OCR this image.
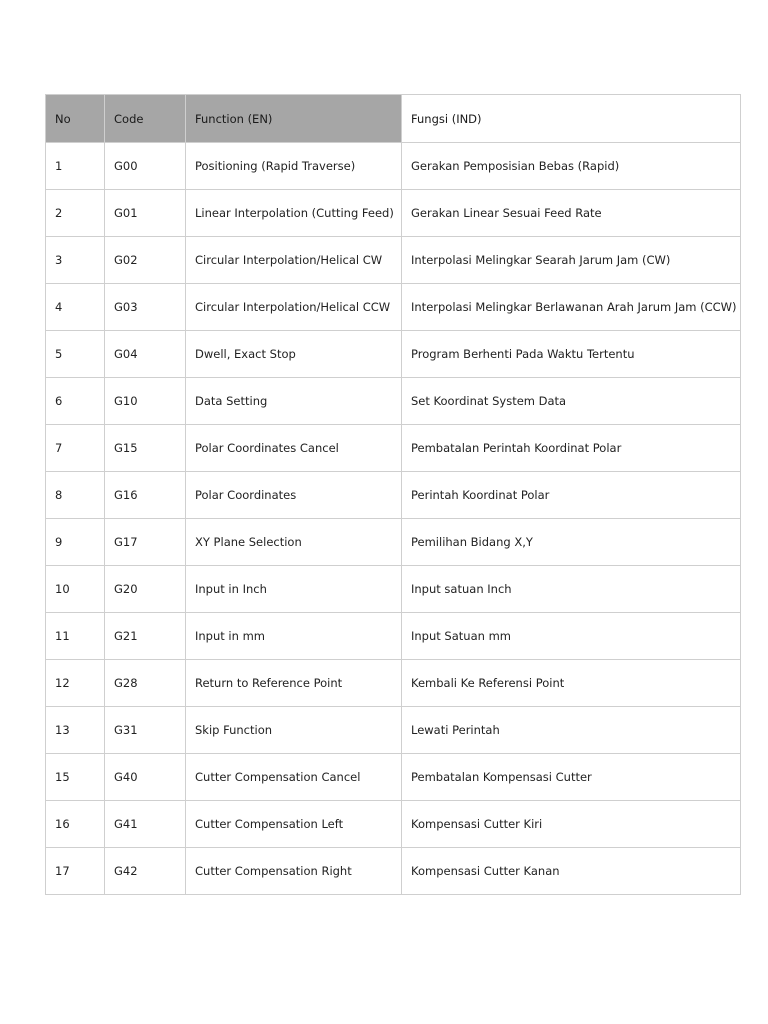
No	Code	Function (EN)	Fungsi (IND)
1	G00	Positioning (Rapid Traverse)	Gerakan Pemposisian Bebas (Rapid)
2	G01	Linear Interpolation (Cutting Feed)	Gerakan Linear Sesuai Feed Rate
3	G02	Circular Interpolation/Helical CW	Interpolasi Melingkar Searah Jarum Jam (CW)
4	G03	Circular Interpolation/Helical CCW	Interpolasi Melingkar Berlawanan Arah Jarum Jam (CCW)
5	G04	Dwell, Exact Stop	Program Berhenti Pada Waktu Tertentu
6	G10	Data Setting	Set Koordinat System Data
7	G15	Polar Coordinates Cancel	Pembatalan Perintah Koordinat Polar
8	G16	Polar Coordinates	Perintah Koordinat Polar
9	G17	XY Plane Selection	Pemilihan Bidang X,Y
10	G20	Input in Inch	Input satuan Inch
11	G21	Input in mm	Input Satuan mm
12	G28	Return to Reference Point	Kembali Ke Referensi Point
13	G31	Skip Function	Lewati Perintah
15	G40	Cutter Compensation Cancel	Pembatalan Kompensasi Cutter
16	G41	Cutter Compensation Left	Kompensasi Cutter Kiri
17	G42	Cutter Compensation Right	Kompensasi Cutter Kanan
